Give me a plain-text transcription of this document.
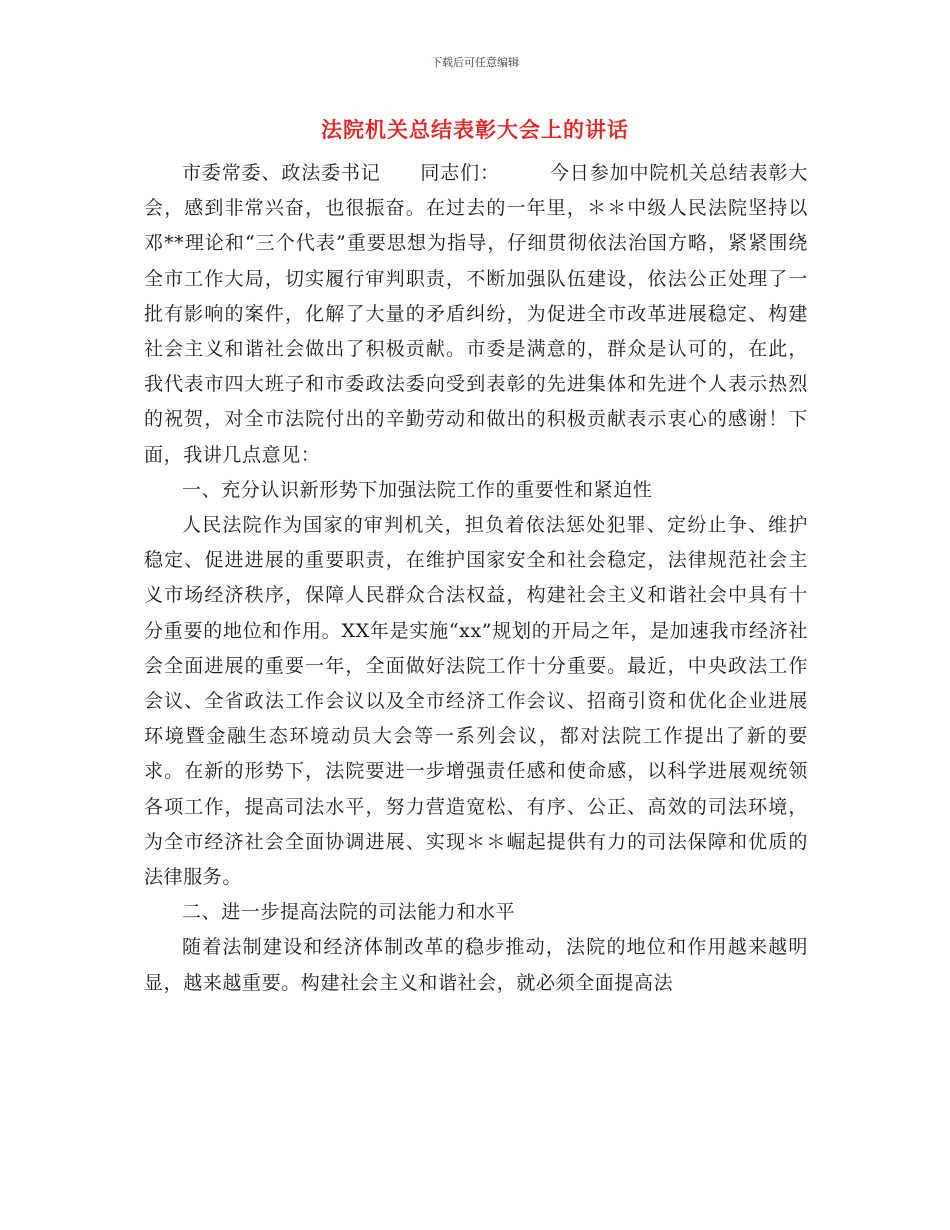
下载后可任意编辑
法院机关总结表彰大会上的讲话

市委常委、政法委书记　　同志们：　　　今日参加中院机关总结表彰大会，感到非常兴奋，也很振奋。在过去的一年里，＊＊中级人民法院坚持以邓**理论和“三个代表”重要思想为指导，仔细贯彻依法治国方略，紧紧围绕全市工作大局，切实履行审判职责，不断加强队伍建设，依法公正处理了一批有影响的案件，化解了大量的矛盾纠纷，为促进全市改革进展稳定、构建社会主义和谐社会做出了积极贡献。市委是满意的，群众是认可的，在此，我代表市四大班子和市委政法委向受到表彰的先进集体和先进个人表示热烈的祝贺，对全市法院付出的辛勤劳动和做出的积极贡献表示衷心的感谢！下面，我讲几点意见：

一、充分认识新形势下加强法院工作的重要性和紧迫性

人民法院作为国家的审判机关，担负着依法惩处犯罪、定纷止争、维护稳定、促进进展的重要职责，在维护国家安全和社会稳定，法律规范社会主义市场经济秩序，保障人民群众合法权益，构建社会主义和谐社会中具有十分重要的地位和作用。XX年是实施“xx”规划的开局之年，是加速我市经济社会全面进展的重要一年，全面做好法院工作十分重要。最近，中央政法工作会议、全省政法工作会议以及全市经济工作会议、招商引资和优化企业进展环境暨金融生态环境动员大会等一系列会议，都对法院工作提出了新的要求。在新的形势下，法院要进一步增强责任感和使命感，以科学进展观统领各项工作，提高司法水平，努力营造宽松、有序、公正、高效的司法环境，为全市经济社会全面协调进展、实现＊＊崛起提供有力的司法保障和优质的法律服务。

二、进一步提高法院的司法能力和水平

随着法制建设和经济体制改革的稳步推动，法院的地位和作用越来越明显，越来越重要。构建社会主义和谐社会，就必须全面提高法
